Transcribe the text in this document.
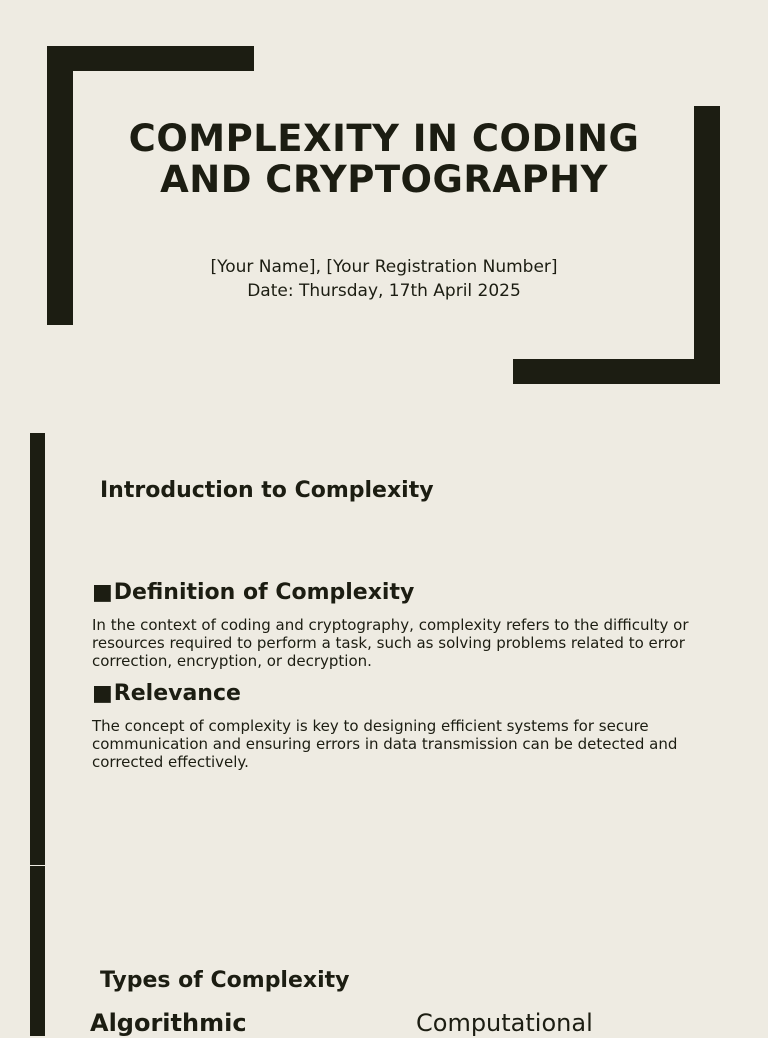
COMPLEXITY IN CODING AND CRYPTOGRAPHY
[Your Name], [Your Registration Number]
Date: Thursday, 17th April 2025
Introduction to Complexity
■Definition of Complexity
In the context of coding and cryptography, complexity refers to the difficulty or resources required to perform a task, such as solving problems related to error correction, encryption, or decryption.
■Relevance
The concept of complexity is key to designing efficient systems for secure communication and ensuring errors in data transmission can be detected and corrected effectively.
Types of Complexity
Algorithmic	Computational
